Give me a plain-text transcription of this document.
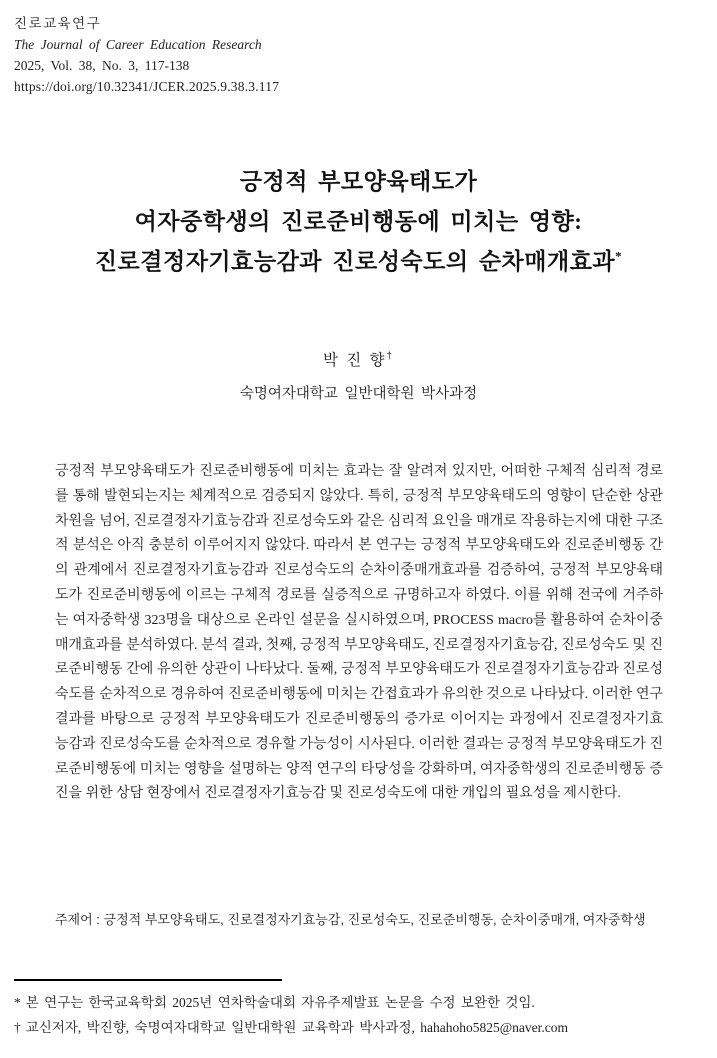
진로교육연구
The Journal of Career Education Research
2025, Vol. 38, No. 3, 117-138
https://doi.org/10.32341/JCER.2025.9.38.3.117
긍정적 부모양육태도가
여자중학생의 진로준비행동에 미치는 영향:
진로결정자기효능감과 진로성숙도의 순차매개효과*
박 진 향†
숙명여자대학교 일반대학원 박사과정
긍정적 부모양육태도가 진로준비행동에 미치는 효과는 잘 알려져 있지만, 어떠한 구체적 심리적 경로를 통해 발현되는지는 체계적으로 검증되지 않았다. 특히, 긍정적 부모양육태도의 영향이 단순한 상관 차원을 넘어, 진로결정자기효능감과 진로성숙도와 같은 심리적 요인을 매개로 작용하는지에 대한 구조적 분석은 아직 충분히 이루어지지 않았다. 따라서 본 연구는 긍정적 부모양육태도와 진로준비행동 간의 관계에서 진로결정자기효능감과 진로성숙도의 순차이중매개효과를 검증하여, 긍정적 부모양육태도가 진로준비행동에 이르는 구체적 경로를 실증적으로 규명하고자 하였다. 이를 위해 전국에 거주하는 여자중학생 323명을 대상으로 온라인 설문을 실시하였으며, PROCESS macro를 활용하여 순차이중매개효과를 분석하였다. 분석 결과, 첫째, 긍정적 부모양육태도, 진로결정자기효능감, 진로성숙도 및 진로준비행동 간에 유의한 상관이 나타났다. 둘째, 긍정적 부모양육태도가 진로결정자기효능감과 진로성숙도를 순차적으로 경유하여 진로준비행동에 미치는 간접효과가 유의한 것으로 나타났다. 이러한 연구 결과를 바탕으로 긍정적 부모양육태도가 진로준비행동의 증가로 이어지는 과정에서 진로결정자기효능감과 진로성숙도를 순차적으로 경유할 가능성이 시사된다. 이러한 결과는 긍정적 부모양육태도가 진로준비행동에 미치는 영향을 설명하는 양적 연구의 타당성을 강화하며, 여자중학생의 진로준비행동 증진을 위한 상담 현장에서 진로결정자기효능감 및 진로성숙도에 대한 개입의 필요성을 제시한다.
주제어 : 긍정적 부모양육태도, 진로결정자기효능감, 진로성숙도, 진로준비행동, 순차이중매개, 여자중학생
* 본 연구는 한국교육학회 2025년 연차학술대회 자유주제발표 논문을 수정 보완한 것임.
† 교신저자, 박진향, 숙명여자대학교 일반대학원 교육학과 박사과정, hahahoho5825@naver.com
